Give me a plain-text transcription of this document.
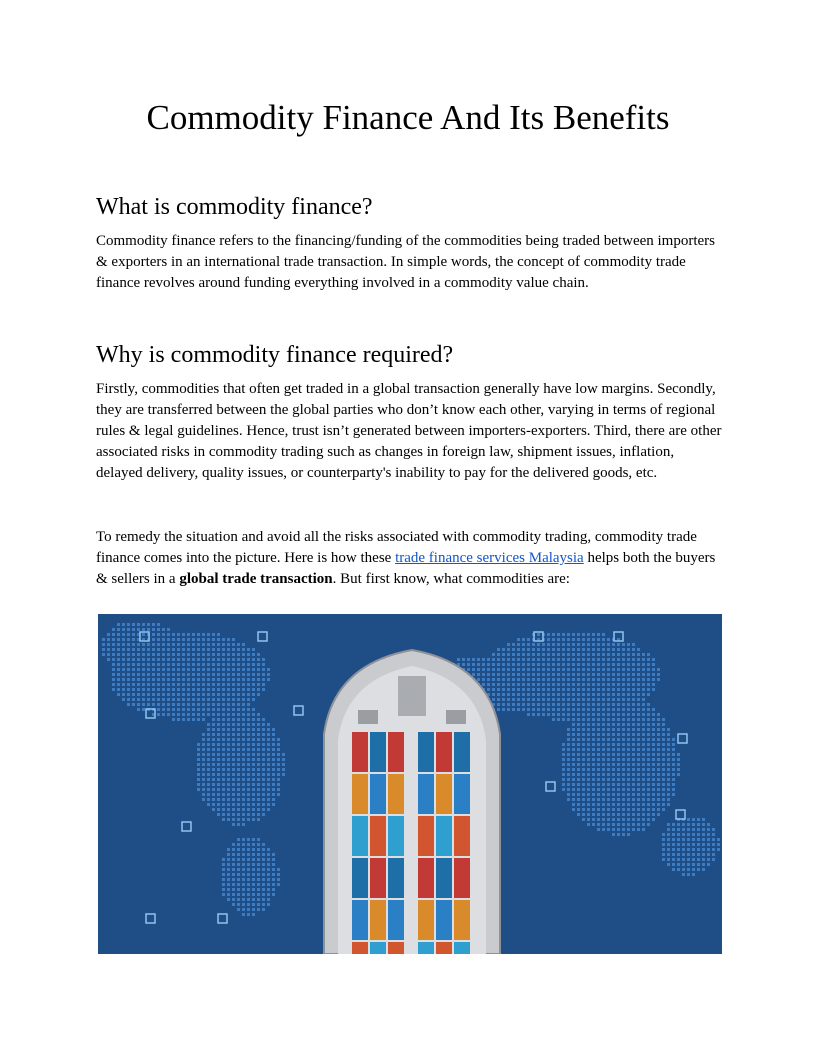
Commodity Finance And Its Benefits
What is commodity finance?

Commodity finance refers to the financing/funding of the commodities being traded between importers & exporters in an international trade transaction. In simple words, the concept of commodity trade finance revolves around funding everything involved in a commodity value chain.

Why is commodity finance required?

Firstly, commodities that often get traded in a global transaction generally have low margins. Secondly, they are transferred between the global parties who don’t know each other, varying in terms of regional rules & legal guidelines. Hence, trust isn’t generated between importers-exporters. Third, there are other associated risks in commodity trading such as changes in foreign law, shipment issues, inflation, delayed delivery, quality issues, or counterparty's inability to pay for the delivered goods, etc.

To remedy the situation and avoid all the risks associated with commodity trading, commodity trade finance comes into the picture. Here is how these trade finance services Malaysia helps both the buyers & sellers in a global trade transaction. But first know, what commodities are:
